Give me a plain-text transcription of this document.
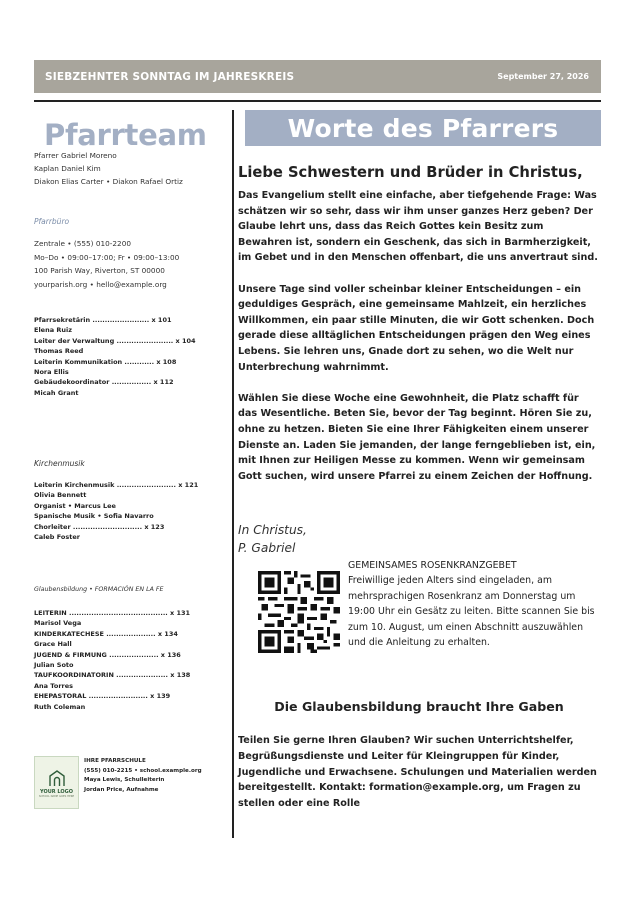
SIEBZEHNTER SONNTAG IM JAHRESKREIS	September 27, 2026
Pfarrteam
Pfarrer Gabriel Moreno
Kaplan Daniel Kim
Diakon Elias Carter • Diakon Rafael Ortiz
Pfarrbüro
Zentrale • (555) 010-2200
Mo–Do • 09:00–17:00; Fr • 09:00–13:00
100 Parish Way, Riverton, ST 00000
yourparish.org • hello@example.org
Pfarrsekretärin ....................... x 101
Elena Ruiz
Leiter der Verwaltung ....................... x 104
Thomas Reed
Leiterin Kommunikation ............ x 108
Nora Ellis
Gebäudekoordinator ................ x 112
Micah Grant
Kirchenmusik
Leiterin Kirchenmusik ........................ x 121
Olivia Bennett
Organist • Marcus Lee
Spanische Musik • Sofia Navarro
Chorleiter ............................ x 123
Caleb Foster
Glaubensbildung • FORMACIÓN EN LA FE
LEITERIN ........................................ x 131
Marisol Vega
KINDERKATECHESE .................... x 134
Grace Hall
JUGEND & FIRMUNG .................... x 136
Julian Soto
TAUFKOORDINATORIN ..................... x 138
Ana Torres
EHEPASTORAL ........................ x 139
Ruth Coleman
YOUR LOGO
SCHOOL NAME GOES HERE
IHRE PFARRSCHULE
(555) 010-2215 • school.example.org
Maya Lewis, Schulleiterin
Jordan Price, Aufnahme
Worte des Pfarrers
Liebe Schwestern und Brüder in Christus,

Das Evangelium stellt eine einfache, aber tiefgehende Frage: Was schätzen wir so sehr, dass wir ihm unser ganzes Herz geben? Der Glaube lehrt uns, dass das Reich Gottes kein Besitz zum Bewahren ist, sondern ein Geschenk, das sich in Barmherzigkeit, im Gebet und in den Menschen offenbart, die uns anvertraut sind.

Unsere Tage sind voller scheinbar kleiner Entscheidungen – ein geduldiges Gespräch, eine gemeinsame Mahlzeit, ein herzliches Willkommen, ein paar stille Minuten, die wir Gott schenken. Doch gerade diese alltäglichen Entscheidungen prägen den Weg eines Lebens. Sie lehren uns, Gnade dort zu sehen, wo die Welt nur Unterbrechung wahrnimmt.

Wählen Sie diese Woche eine Gewohnheit, die Platz schafft für das Wesentliche. Beten Sie, bevor der Tag beginnt. Hören Sie zu,
ohne zu hetzen. Bieten Sie eine Ihrer Fähigkeiten einem unserer Dienste an. Laden Sie jemanden, der lange ferngeblieben ist, ein, mit Ihnen zur Heiligen Messe zu kommen. Wenn wir gemeinsam Gott suchen, wird unsere Pfarrei zu einem Zeichen der Hoffnung.
In Christus,
P. Gabriel
GEMEINSAMES ROSENKRANZGEBET
Freiwillige jeden Alters sind eingeladen, am mehrsprachigen Rosenkranz am Donnerstag um 19:00 Uhr ein Gesätz zu leiten. Bitte scannen Sie bis zum 10. August, um einen Abschnitt auszuwählen und die Anleitung zu erhalten.
Die Glaubensbildung braucht Ihre Gaben
Teilen Sie gerne Ihren Glauben? Wir suchen Unterrichtshelfer, Begrüßungsdienste und Leiter für Kleingruppen für Kinder, Jugendliche und Erwachsene. Schulungen und Materialien werden bereitgestellt. Kontakt: formation@example.org, um Fragen zu stellen oder eine Rolle
